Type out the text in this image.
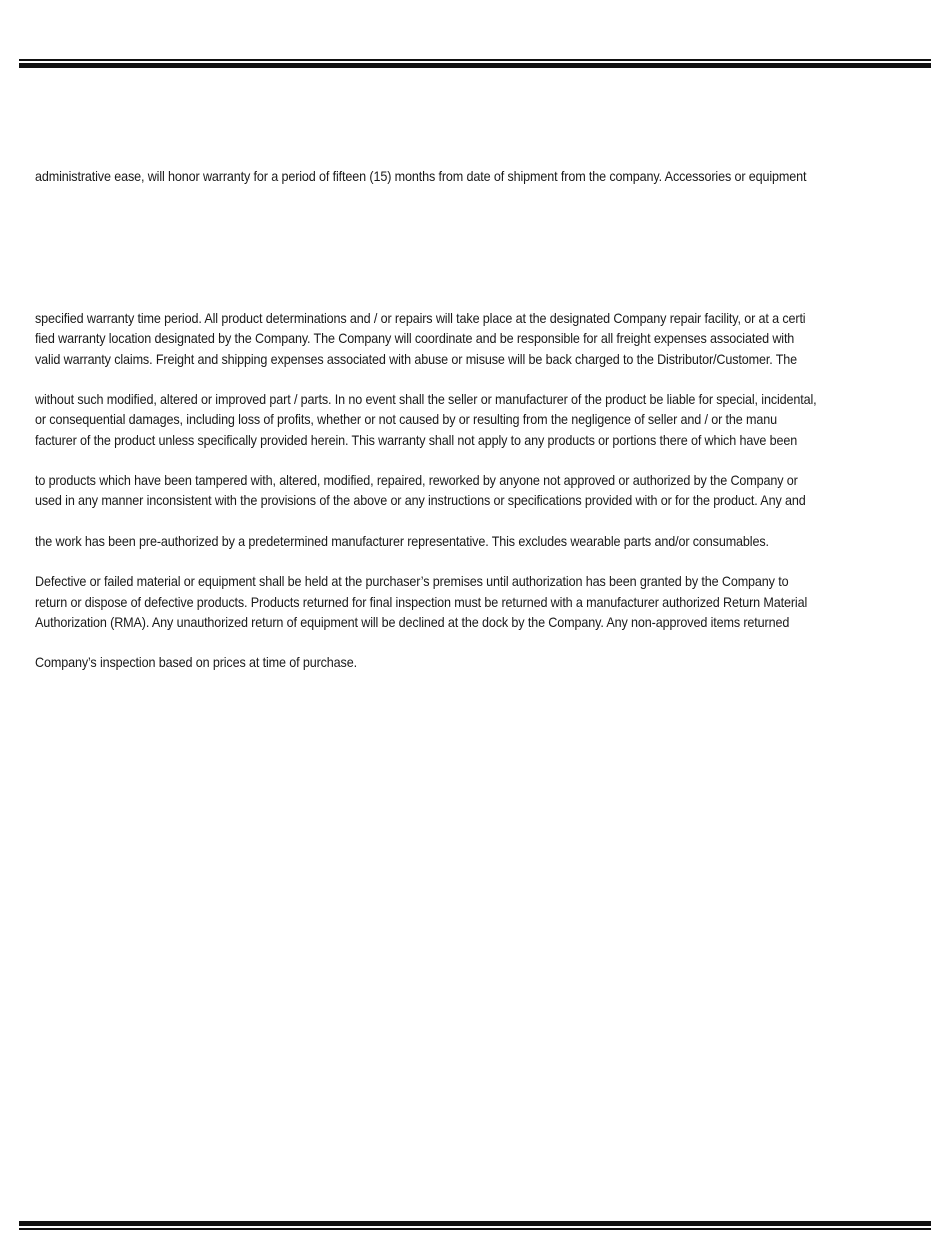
administrative ease, will honor warranty for a period of fifteen (15) months from date of shipment from the company. Accessories or equipment
specified warranty time period. All product determinations and / or repairs will take place at the designated Company repair facility, or at a certi
fied warranty location designated by the Company. The Company will coordinate and be responsible for all freight expenses associated with
valid warranty claims. Freight and shipping expenses associated with abuse or misuse will be back charged to the Distributor/Customer. The
without such modified, altered or improved part / parts. In no event shall the seller or manufacturer of the product be liable for special, incidental,
or consequential damages, including loss of profits, whether or not caused by or resulting from the negligence of seller and / or the manu
facturer of the product unless specifically provided herein. This warranty shall not apply to any products or portions there of which have been
to products which have been tampered with, altered, modified, repaired, reworked by anyone not approved or authorized by the Company or
used in any manner inconsistent with the provisions of the above or any instructions or specifications provided with or for the product. Any and
the work has been pre-authorized by a predetermined manufacturer representative. This excludes wearable parts and/or consumables.
Defective or failed material or equipment shall be held at the purchaser’s premises until authorization has been granted by the Company to
return or dispose of defective products. Products returned for final inspection must be returned with a manufacturer authorized Return Material
Authorization (RMA). Any unauthorized return of equipment will be declined at the dock by the Company. Any non-approved items returned
Company’s inspection based on prices at time of purchase.
